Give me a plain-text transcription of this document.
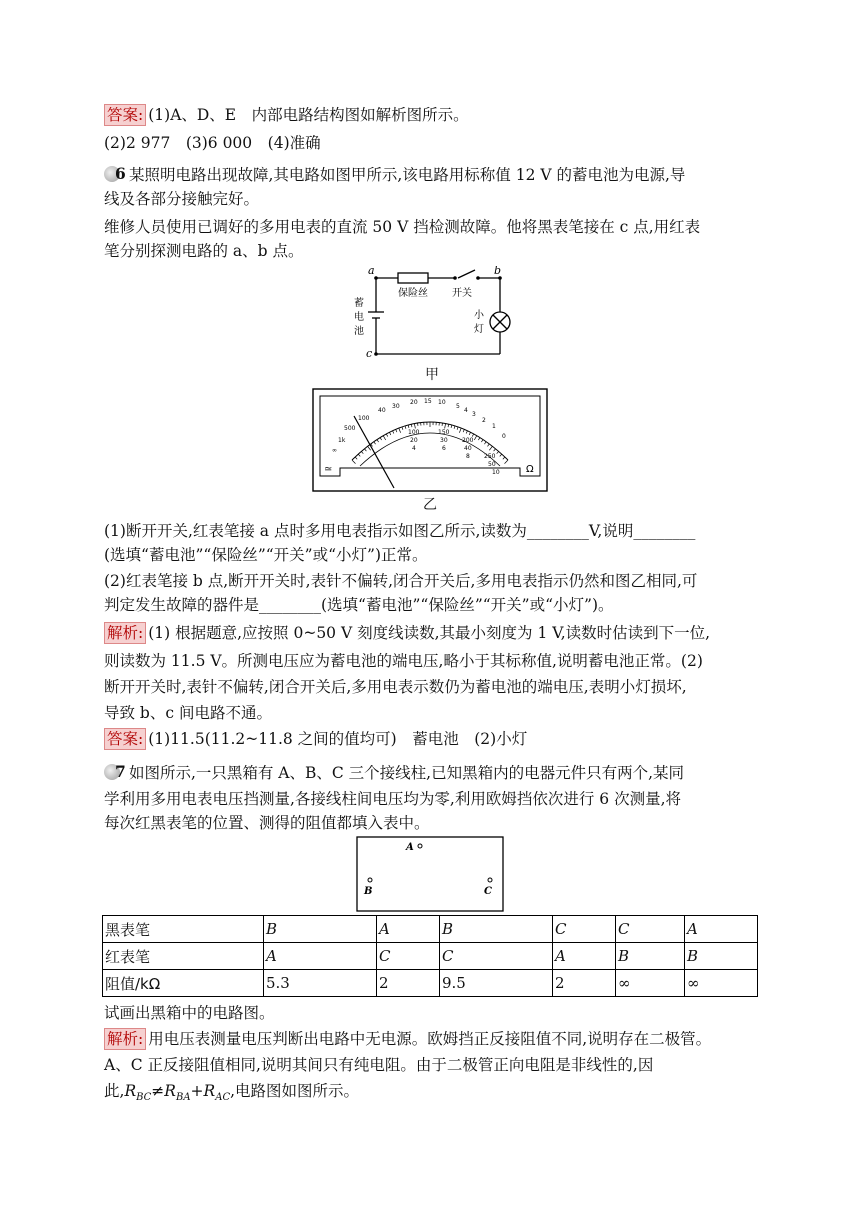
答案: (1)A、D、E　内部电路结构图如解析图所示。
(2)2 977　(3)6 000　(4)准确
6 某照明电路出现故障,其电路如图甲所示,该电路用标称值 12 V 的蓄电池为电源,导
线及各部分接触完好。
维修人员使用已调好的多用电表的直流 50 V 挡检测故障。他将黑表笔接在 c 点,用红表
笔分别探测电路的 a、b 点。
a	b
c
保险丝 开关
蓄
电
池
小
灯
甲
40
30
20 15 10
5
4
3
2
1
0
100
500
1k
∞
100	150
200
250
20	30
40
50
4	6
8
10
≃	Ω
乙
(1)断开开关,红表笔接 a 点时多用电表指示如图乙所示,读数为________V,说明________
(选填“蓄电池”“保险丝”“开关”或“小灯”)正常。
(2)红表笔接 b 点,断开开关时,表针不偏转,闭合开关后,多用电表指示仍然和图乙相同,可
判定发生故障的器件是________(选填“蓄电池”“保险丝”“开关”或“小灯”)。
解析: (1) 根据题意,应按照 0~50 V 刻度线读数,其最小刻度为 1 V,读数时估读到下一位,
则读数为 11.5 V。所测电压应为蓄电池的端电压,略小于其标称值,说明蓄电池正常。(2)
断开开关时,表针不偏转,闭合开关后,多用电表示数仍为蓄电池的端电压,表明小灯损坏,
导致 b、c 间电路不通。
答案: (1)11.5(11.2~11.8 之间的值均可)　蓄电池　(2)小灯
7 如图所示,一只黑箱有 A、B、C 三个接线柱,已知黑箱内的电器元件只有两个,某同
学利用多用电表电压挡测量,各接线柱间电压均为零,利用欧姆挡依次进行 6 次测量,将
每次红黑表笔的位置、测得的阻值都填入表中。
A
B	C
黑表笔	B	A	B	C	C	A
红表笔	A	C	C	A	B	B
阻值/kΩ	5.3	2	9.5	2	∞	∞
试画出黑箱中的电路图。
解析: 用电压表测量电压判断出电路中无电源。欧姆挡正反接阻值不同,说明存在二极管。
A、C 正反接阻值相同,说明其间只有纯电阻。由于二极管正向电阻是非线性的,因
此$,R_{BC}\ne R_{BA}+R_{AC}$,电路图如图所示。
